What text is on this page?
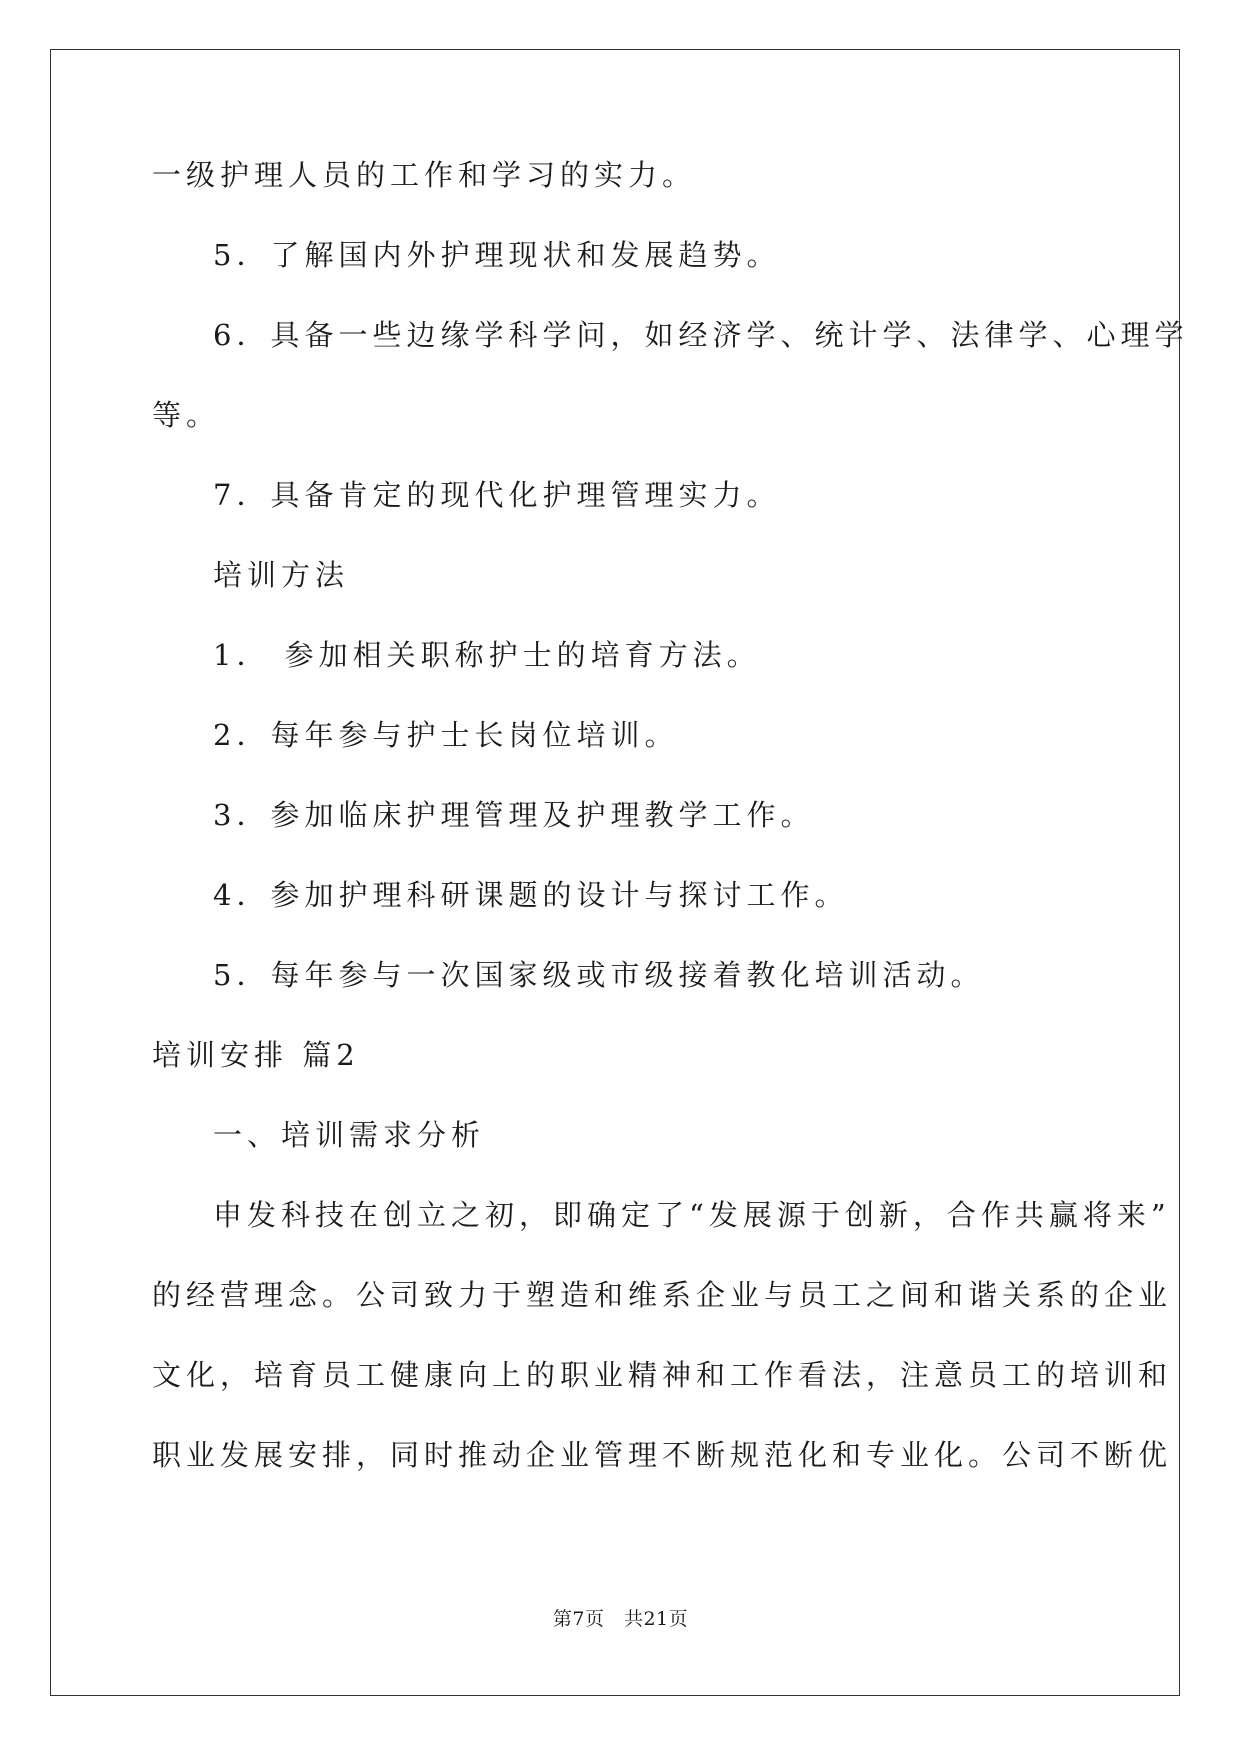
一级护理人员的工作和学习的实力。
5．了解国内外护理现状和发展趋势。
6．具备一些边缘学科学问，如经济学、统计学、法律学、心理学
等。
7．具备肯定的现代化护理管理实力。
培训方法
1． 参加相关职称护士的培育方法。
2．每年参与护士长岗位培训。
3．参加临床护理管理及护理教学工作。
4．参加护理科研课题的设计与探讨工作。
5．每年参与一次国家级或市级接着教化培训活动。
培训安排 篇2
一、培训需求分析
申发科技在创立之初，即确定了“发展源于创新，合作共赢将来”
的经营理念。公司致力于塑造和维系企业与员工之间和谐关系的企业
文化，培育员工健康向上的职业精神和工作看法，注意员工的培训和
职业发展安排，同时推动企业管理不断规范化和专业化。公司不断优
第7页　共21页
